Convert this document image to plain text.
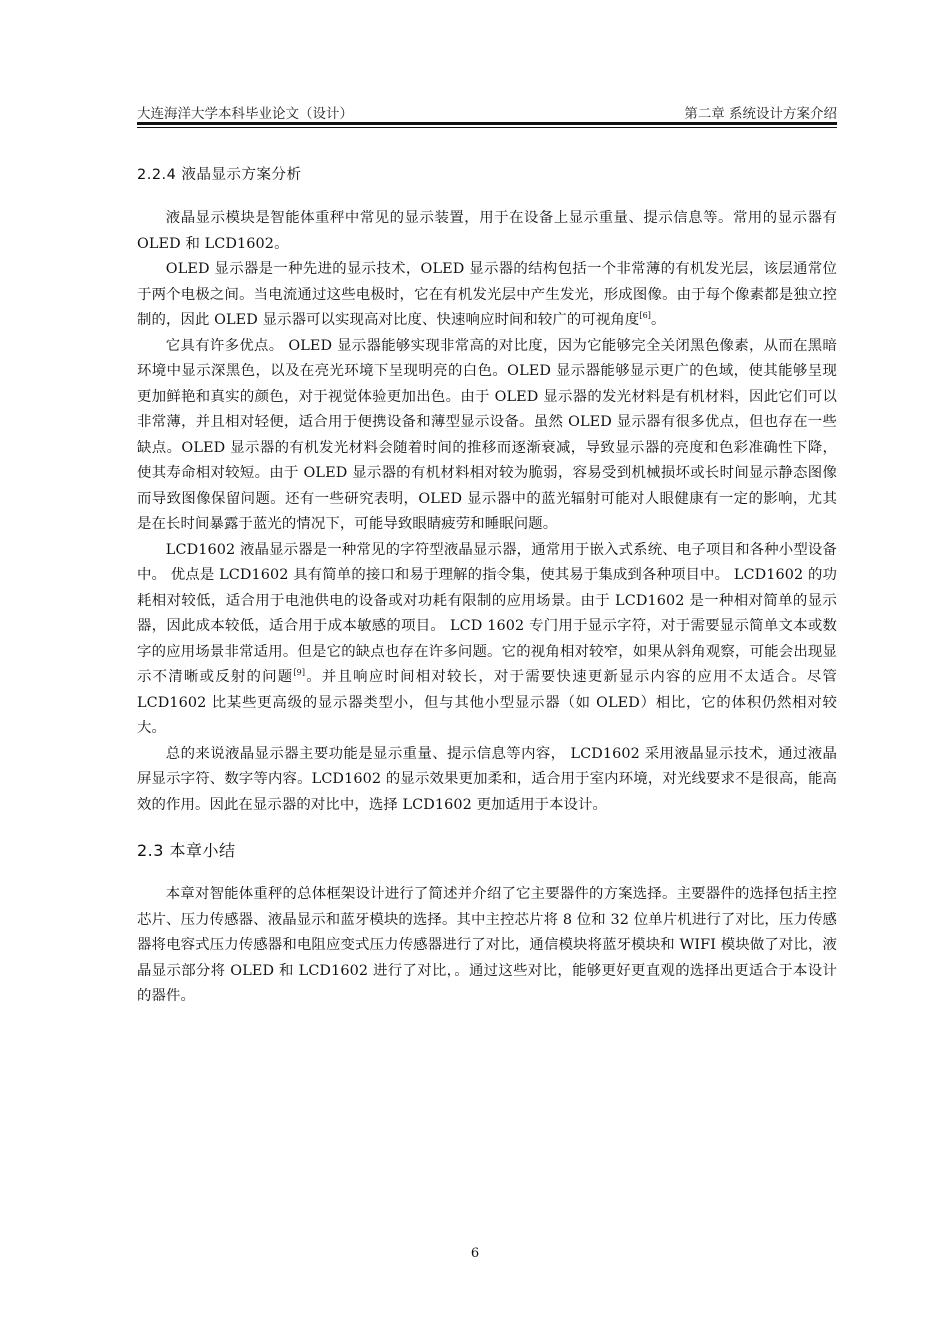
大连海洋大学本科毕业论文（设计）	第二章 系统设计方案介绍
2.2.4 液晶显示方案分析

液晶显示模块是智能体重秤中常见的显示装置，用于在设备上显示重量、提示信息等。常用的显示器有 OLED 和 LCD1602。

OLED 显示器是一种先进的显示技术，OLED 显示器的结构包括一个非常薄的有机发光层，该层通常位于两个电极之间。当电流通过这些电极时，它在有机发光层中产生发光，形成图像。由于每个像素都是独立控制的，因此 OLED 显示器可以实现高对比度、快速响应时间和较广的可视角度[6]。

它具有许多优点。 OLED 显示器能够实现非常高的对比度，因为它能够完全关闭黑色像素，从而在黑暗环境中显示深黑色，以及在亮光环境下呈现明亮的白色。OLED 显示器能够显示更广的色域，使其能够呈现更加鲜艳和真实的颜色，对于视觉体验更加出色。由于 OLED 显示器的发光材料是有机材料，因此它们可以非常薄，并且相对轻便，适合用于便携设备和薄型显示设备。虽然 OLED 显示器有很多优点，但也存在一些缺点。OLED 显示器的有机发光材料会随着时间的推移而逐渐衰减，导致显示器的亮度和色彩准确性下降，使其寿命相对较短。由于 OLED 显示器的有机材料相对较为脆弱，容易受到机械损坏或长时间显示静态图像而导致图像保留问题。还有一些研究表明，OLED 显示器中的蓝光辐射可能对人眼健康有一定的影响，尤其是在长时间暴露于蓝光的情况下，可能导致眼睛疲劳和睡眠问题。

LCD1602 液晶显示器是一种常见的字符型液晶显示器，通常用于嵌入式系统、电子项目和各种小型设备中。 优点是 LCD1602 具有简单的接口和易于理解的指令集，使其易于集成到各种项目中。 LCD1602 的功耗相对较低，适合用于电池供电的设备或对功耗有限制的应用场景。由于 LCD1602 是一种相对简单的显示器，因此成本较低，适合用于成本敏感的项目。 LCD 1602 专门用于显示字符，对于需要显示简单文本或数字的应用场景非常适用。但是它的缺点也存在许多问题。它的视角相对较窄，如果从斜角观察，可能会出现显示不清晰或反射的问题[9]。并且响应时间相对较长，对于需要快速更新显示内容的应用不太适合。尽管 LCD1602 比某些更高级的显示器类型小，但与其他小型显示器（如 OLED）相比，它的体积仍然相对较大。

总的来说液晶显示器主要功能是显示重量、提示信息等内容， LCD1602 采用液晶显示技术，通过液晶屏显示字符、数字等内容。LCD1602 的显示效果更加柔和，适合用于室内环境，对光线要求不是很高，能高效的作用。因此在显示器的对比中，选择 LCD1602 更加适用于本设计。

2.3 本章小结

本章对智能体重秤的总体框架设计进行了简述并介绍了它主要器件的方案选择。主要器件的选择包括主控芯片、压力传感器、液晶显示和蓝牙模块的选择。其中主控芯片将 8 位和 32 位单片机进行了对比，压力传感器将电容式压力传感器和电阻应变式压力传感器进行了对比，通信模块将蓝牙模块和 WIFI 模块做了对比，液晶显示部分将 OLED 和 LCD1602 进行了对比，。通过这些对比，能够更好更直观的选择出更适合于本设计的器件。

6
